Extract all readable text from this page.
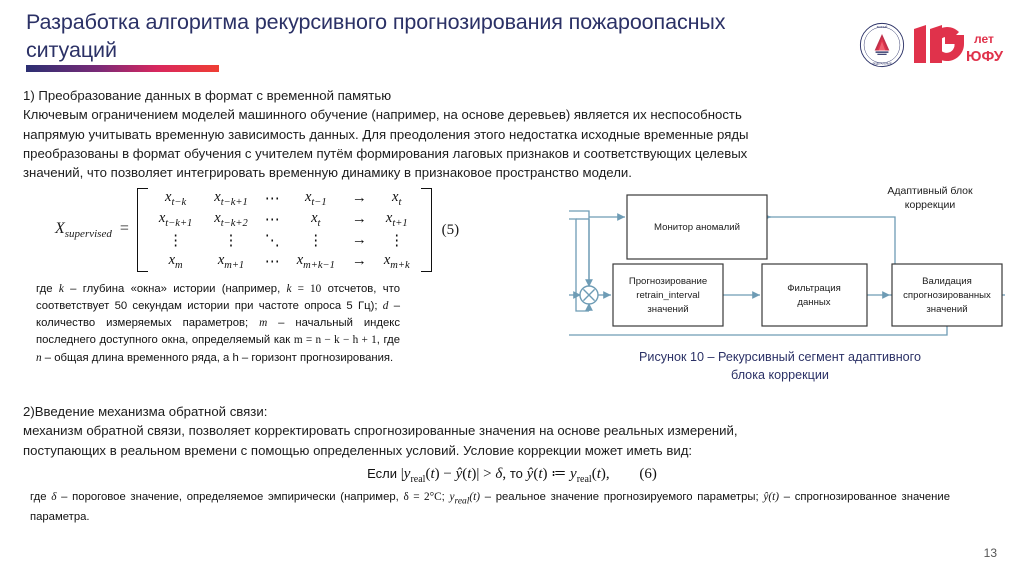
Разработка алгоритма рекурсивного прогнозирования пожароопасных ситуаций
ЮЖНЫЙ
ФЕДЕРАЛЬНЫЙ
лет
ЮФУ
1) Преобразование данных в формат с временной памятью
Ключевым ограничением моделей машинного обучение (например, на основе деревьев) является их неспособность
напрямую учитывать временную зависимость данных. Для преодоления этого недостатка исходные временные ряды
преобразованы в формат обучения с учителем путём формирования лаговых признаков и соответствующих целевых
значений, что позволяет интегрировать временную динамику в признаковое пространство модели.
$X_{supervised}$ =
$x_{t-k}$	$x_{t-k+1}$	⋯	$x_{t-1}$	→	$x_t$
$x_{t-k+1}$	$x_{t-k+2}$	⋯	$x_t$	→	$x_{t+1}$
⋮	⋮	⋱	⋮	→	⋮
$x_m$	$x_{m+1}$	⋯	$x_{m+k-1}$	→	$x_{m+k}$
(5)
где k – глубина «окна» истории (например, k = 10 отсчетов, что соответствует 50 секундам истории при частоте опроса 5 Гц); d – количество измеряемых параметров; m – начальный индекс последнего доступного окна, определяемый как m = n − k − h + 1, где n – общая длина временного ряда, а h – горизонт прогнозирования.
Монитор аномалий
Прогнозирование
retrain_interval
значений
Фильтрация
данных
Валидация
спрогнозированных
значений
Адаптивный блок
коррекции
Рисунок 10 – Рекурсивный сегмент адаптивного
блока коррекции
2)Введение механизма обратной связи:
механизм обратной связи, позволяет корректировать спрогнозированные значения на основе реальных измерений,
поступающих в реальном времени с помощью определенных условий. Условие коррекции может иметь вид:
Если $|y_{real}(t)$ − ŷ(t)| > δ, то ŷ(t) ≔ $y_{real}(t)$, (6)
где δ – пороговое значение, определяемое эмпирически (например, δ = 2°C; $y_{real}(t)$ – реальное значение прогнозируемого параметры; ŷ(t) – спрогнозированное значение параметра.
13
